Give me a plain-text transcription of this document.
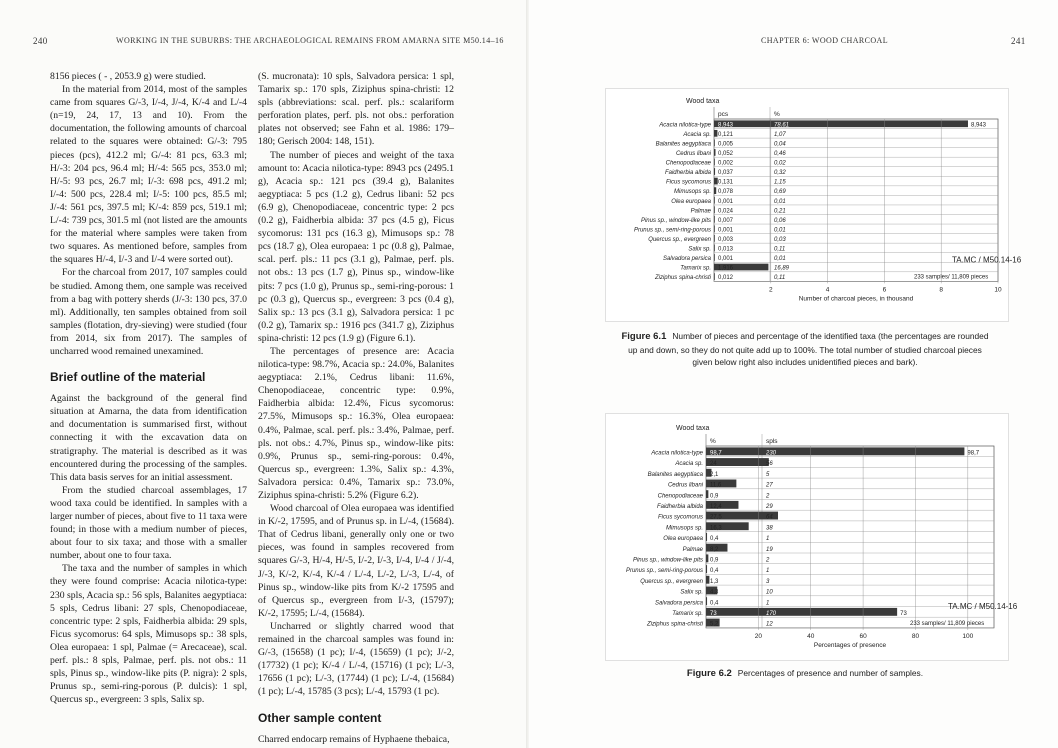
240	WORKING IN THE SUBURBS: THE ARCHAEOLOGICAL REMAINS FROM AMARNA SITE M50.14–16

8156 pieces ( - , 2053.9 g) were studied.

In the material from 2014, most of the samples came from squares G/-3, I/-4, J/-4, K/-4 and L/-4 (n=19, 24, 17, 13 and 10). From the documentation, the following amounts of charcoal related to the squares were obtained: G/-3: 795 pieces (pcs), 412.2 ml; G/-4: 81 pcs, 63.3 ml; H/-3: 204 pcs, 96.4 ml; H/-4: 565 pcs, 353.0 ml; H/-5: 93 pcs, 26.7 ml; I/-3: 698 pcs, 491.2 ml; I/-4: 500 pcs, 228.4 ml; I/-5: 100 pcs, 85.5 ml; J/-4: 561 pcs, 397.5 ml; K/-4: 859 pcs, 519.1 ml; L/-4: 739 pcs, 301.5 ml (not listed are the amounts for the material where samples were taken from two squares. As mentioned before, samples from the squares H/-4, I/-3 and I/-4 were sorted out).

For the charcoal from 2017, 107 samples could be studied. Among them, one sample was received from a bag with pottery sherds (J/-3: 130 pcs, 37.0 ml). Additionally, ten samples obtained from soil samples (flotation, dry-sieving) were studied (four from 2014, six from 2017). The samples of uncharred wood remained unexamined.

Brief outline of the material

Against the background of the general find situation at Amarna, the data from identification and documentation is summarised first, without connecting it with the excavation data on stratigraphy. The material is described as it was encountered during the processing of the samples. This data basis serves for an initial assessment.

From the studied charcoal assemblages, 17 wood taxa could be identified. In samples with a larger number of pieces, about five to 11 taxa were found; in those with a medium number of pieces, about four to six taxa; and those with a smaller number, about one to four taxa.

The taxa and the number of samples in which they were found comprise: Acacia nilotica-type: 230 spls, Acacia sp.: 56 spls, Balanites aegyptiaca: 5 spls, Cedrus libani: 27 spls, Chenopodiaceae, concentric type: 2 spls, Faidherbia albida: 29 spls, Ficus sycomorus: 64 spls, Mimusops sp.: 38 spls, Olea europaea: 1 spl, Palmae (= Arecaceae), scal. perf. pls.: 8 spls, Palmae, perf. pls. not obs.: 11 spls, Pinus sp., window-like pits (P. nigra): 2 spls, Prunus sp., semi-ring-porous (P. dulcis): 1 spl, Quercus sp., evergreen: 3 spls, Salix sp.

(S. mucronata): 10 spls, Salvadora persica: 1 spl, Tamarix sp.: 170 spls, Ziziphus spina-christi: 12 spls (abbreviations: scal. perf. pls.: scalariform perforation plates, perf. pls. not obs.: perforation plates not observed; see Fahn et al. 1986: 179–180; Gerisch 2004: 148, 151).

The number of pieces and weight of the taxa amount to: Acacia nilotica-type: 8943 pcs (2495.1 g), Acacia sp.: 121 pcs (39.4 g), Balanites aegyptiaca: 5 pcs (1.2 g), Cedrus libani: 52 pcs (6.9 g), Chenopodiaceae, concentric type: 2 pcs (0.2 g), Faidherbia albida: 37 pcs (4.5 g), Ficus sycomorus: 131 pcs (16.3 g), Mimusops sp.: 78 pcs (18.7 g), Olea europaea: 1 pc (0.8 g), Palmae, scal. perf. pls.: 11 pcs (3.1 g), Palmae, perf. pls. not obs.: 13 pcs (1.7 g), Pinus sp., window-like pits: 7 pcs (1.0 g), Prunus sp., semi-ring-porous: 1 pc (0.3 g), Quercus sp., evergreen: 3 pcs (0.4 g), Salix sp.: 13 pcs (3.1 g), Salvadora persica: 1 pc (0.2 g), Tamarix sp.: 1916 pcs (341.7 g), Ziziphus spina-christi: 12 pcs (1.9 g) (Figure 6.1).

The percentages of presence are: Acacia nilotica-type: 98.7%, Acacia sp.: 24.0%, Balanites aegyptiaca: 2.1%, Cedrus libani: 11.6%, Chenopodiaceae, concentric type: 0.9%, Faidherbia albida: 12.4%, Ficus sycomorus: 27.5%, Mimusops sp.: 16.3%, Olea europaea: 0.4%, Palmae, scal. perf. pls.: 3.4%, Palmae, perf. pls. not obs.: 4.7%, Pinus sp., window-like pits: 0.9%, Prunus sp., semi-ring-porous: 0.4%, Quercus sp., evergreen: 1.3%, Salix sp.: 4.3%, Salvadora persica: 0.4%, Tamarix sp.: 73.0%, Ziziphus spina-christi: 5.2% (Figure 6.2).

Wood charcoal of Olea europaea was identified in K/-2, 17595, and of Prunus sp. in L/-4, (15684). That of Cedrus libani, generally only one or two pieces, was found in samples recovered from squares G/-3, H/-4, H/-5, I/-2, I/-3, I/-4, I/-4 / J/-4, J/-3, K/-2, K/-4, K/-4 / L/-4, L/-2, L/-3, L/-4, of Pinus sp., window-like pits from K/-2 17595 and of Quercus sp., evergreen from I/-3, (15797); K/-2, 17595; L/-4, (15684).

Uncharred or slightly charred wood that remained in the charcoal samples was found in: G/-3, (15658) (1 pc); I/-4, (15659) (1 pc); J/-2, (17732) (1 pc); K/-4 / L/-4, (15716) (1 pc); L/-3, 17656 (1 pc); L/-3, (17744) (1 pc); L/-4, (15684) (1 pc); L/-4, 15785 (3 pcs); L/-4, 15793 (1 pc).

Other sample content

Charred endocarp remains of Hyphaene thebaica,

CHAPTER 6: WOOD CHARCOAL	241
Wood taxa
pcs	%
Acacia nilotica-type 8,943	78,61	8,943
Acacia sp. 0,121	1,07
Balanites aegyptiaca 0,005	0,04
Cedrus libani 0,052	0,46
Chenopodiaceae 0,002	0,02
Faidherbia albida 0,037	0,32
Ficus sycomorus 0,131	1,15
Mimusops sp. 0,078	0,69
Olea europaea 0,001	0,01
Palmae 0,024	0,21
Pinus sp., window-like pits 0,007	0,06
Prunus sp., semi-ring-porous 0,001	0,01
Quercus sp., evergreen 0,003	0,03
Salix sp. 0,013	0,11
Salvadora persica 0,001	0,01
Tamarix sp. 1,916	16,89
Ziziphus spina-christi 0,012	0,11
2	4	6	8	10
Number of charcoal pieces, in thousand
TA.MC / M50.14-16
233 samples/ 11,809 pieces
Figure 6.1 Number of pieces and percentage of the identified taxa (the percentages are rounded up and down, so they do not quite add up to 100%. The total number of studied charcoal pieces given below right also includes unidentified pieces and bark).
Wood taxa
%	spls
Acacia nilotica-type 98,7	230	98,7
Acacia sp. 24	56
Balanites aegyptiaca 2,1	5
Cedrus libani 11,6	27
Chenopodiaceae 0,9	2
Faidherbia albida 12,4	29
Ficus sycomorus 27,5	64
Mimusops sp. 16,3	38
Olea europaea 0,4	1
Palmae 8,2	19
Pinus sp., window-like pits 0,9	2
Prunus sp., semi-ring-porous 0,4	1
Quercus sp., evergreen 1,3	3
Salix sp. 4,3	10
Salvadora persica 0,4	1
Tamarix sp. 73	170	73
Ziziphus spina-christi 5,2	12
20	40	60	80	100
Percentages of presence
TA.MC / M50.14-16
233 samples/ 11,809 pieces
Figure 6.2 Percentages of presence and number of samples.
